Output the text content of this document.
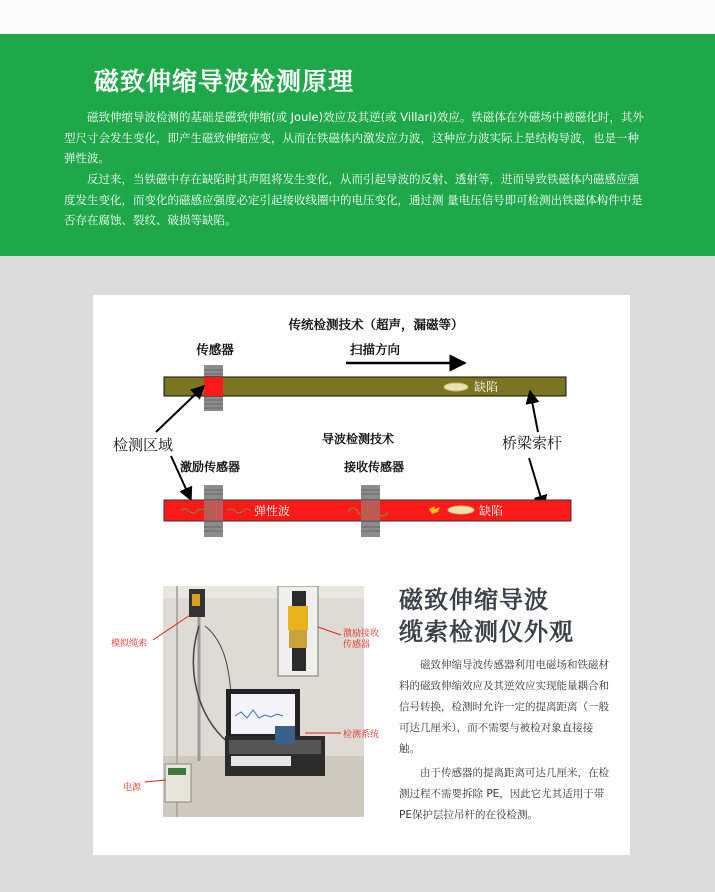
磁致伸缩导波检测原理

磁致伸缩导波检测的基础是磁致伸缩(或 Joule)效应及其逆(或 Villari)效应。铁磁体在外磁场中被磁化时，其外型尺寸会发生变化，即产生磁致伸缩应变，从而在铁磁体内激发应力波，这种应力波实际上是结构导波，也是一种弹性波。

反过来，当铁磁中存在缺陷时其声阻将发生变化，从而引起导波的反射、透射等，进而导致铁磁体内磁感应强度发生变化，而变化的磁感应强度必定引起接收线圈中的电压变化，通过测 量电压信号即可检测出铁磁体构件中是否存在腐蚀、裂纹、破损等缺陷。

传统检测技术（超声，漏磁等）
传感器	扫描方向
缺陷
检测区域	导波检测技术	桥梁索杆
激励传感器	接收传感器
弹性波	缺陷
模拟缆索
激励接收
传感器
检测系统
电源
磁致伸缩导波
缆索检测仪外观

磁致伸缩导波传感器利用电磁场和铁磁材料的磁致伸缩效应及其逆效应实现能量耦合和信号转换，检测时允许一定的提离距离（一般可达几厘米），而不需要与被检对象直接接触。

由于传感器的提离距离可达几厘米，在检测过程不需要拆除 PE，因此它尤其适用于带PE保护层拉吊杆的在役检测。
